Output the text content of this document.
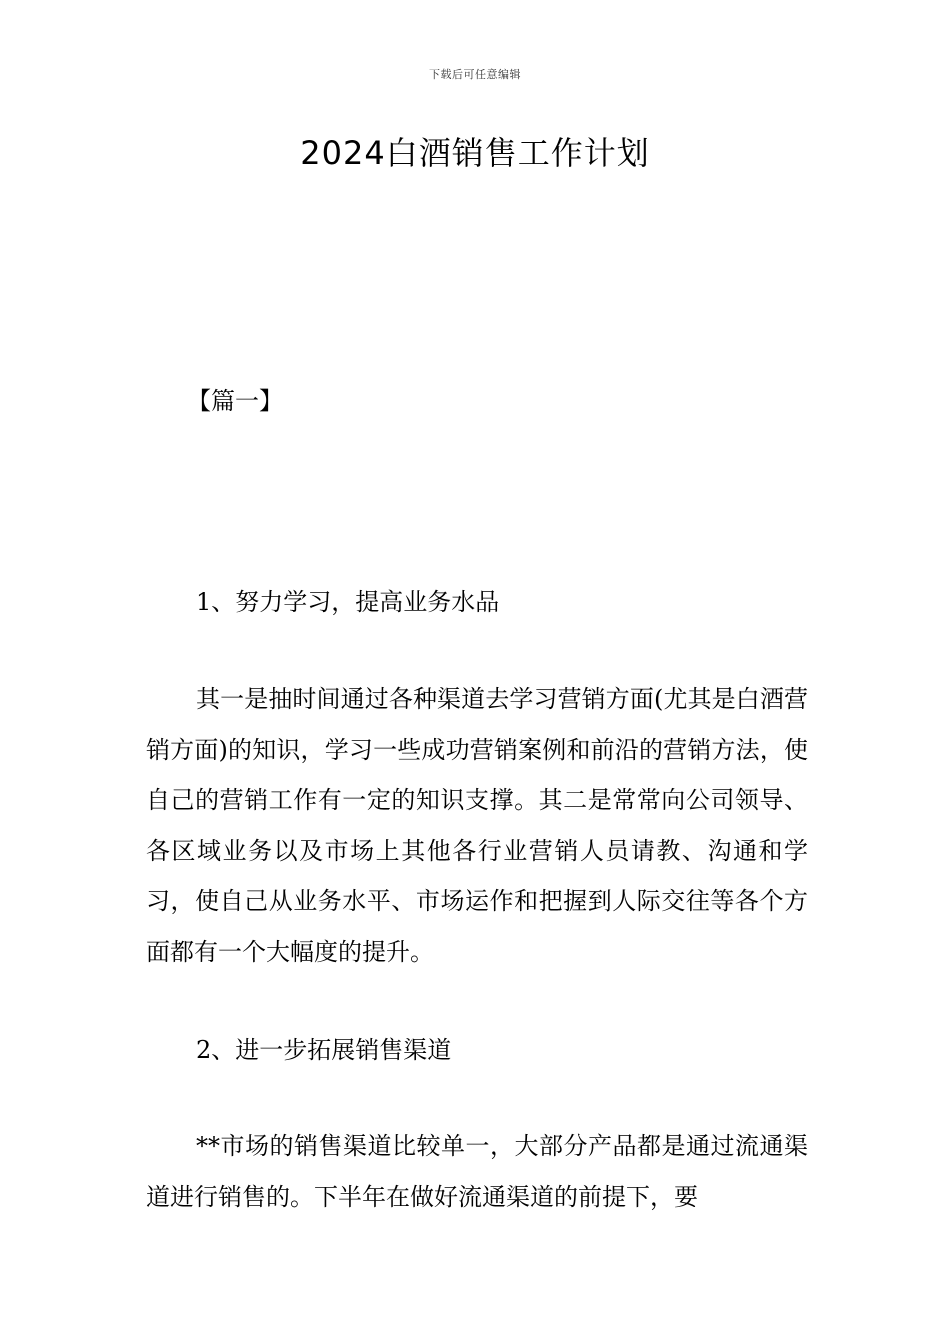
下载后可任意编辑
2024白酒销售工作计划
【篇一】
1、努力学习，提高业务水品

其一是抽时间通过各种渠道去学习营销方面(尤其是白酒营销方面)的知识，学习一些成功营销案例和前沿的营销方法，使自己的营销工作有一定的知识支撑。其二是常常向公司领导、各区域业务以及市场上其他各行业营销人员请教、沟通和学习，使自己从业务水平、市场运作和把握到人际交往等各个方面都有一个大幅度的提升。

2、进一步拓展销售渠道

**市场的销售渠道比较单一，大部分产品都是通过流通渠道进行销售的。下半年在做好流通渠道的前提下，要
